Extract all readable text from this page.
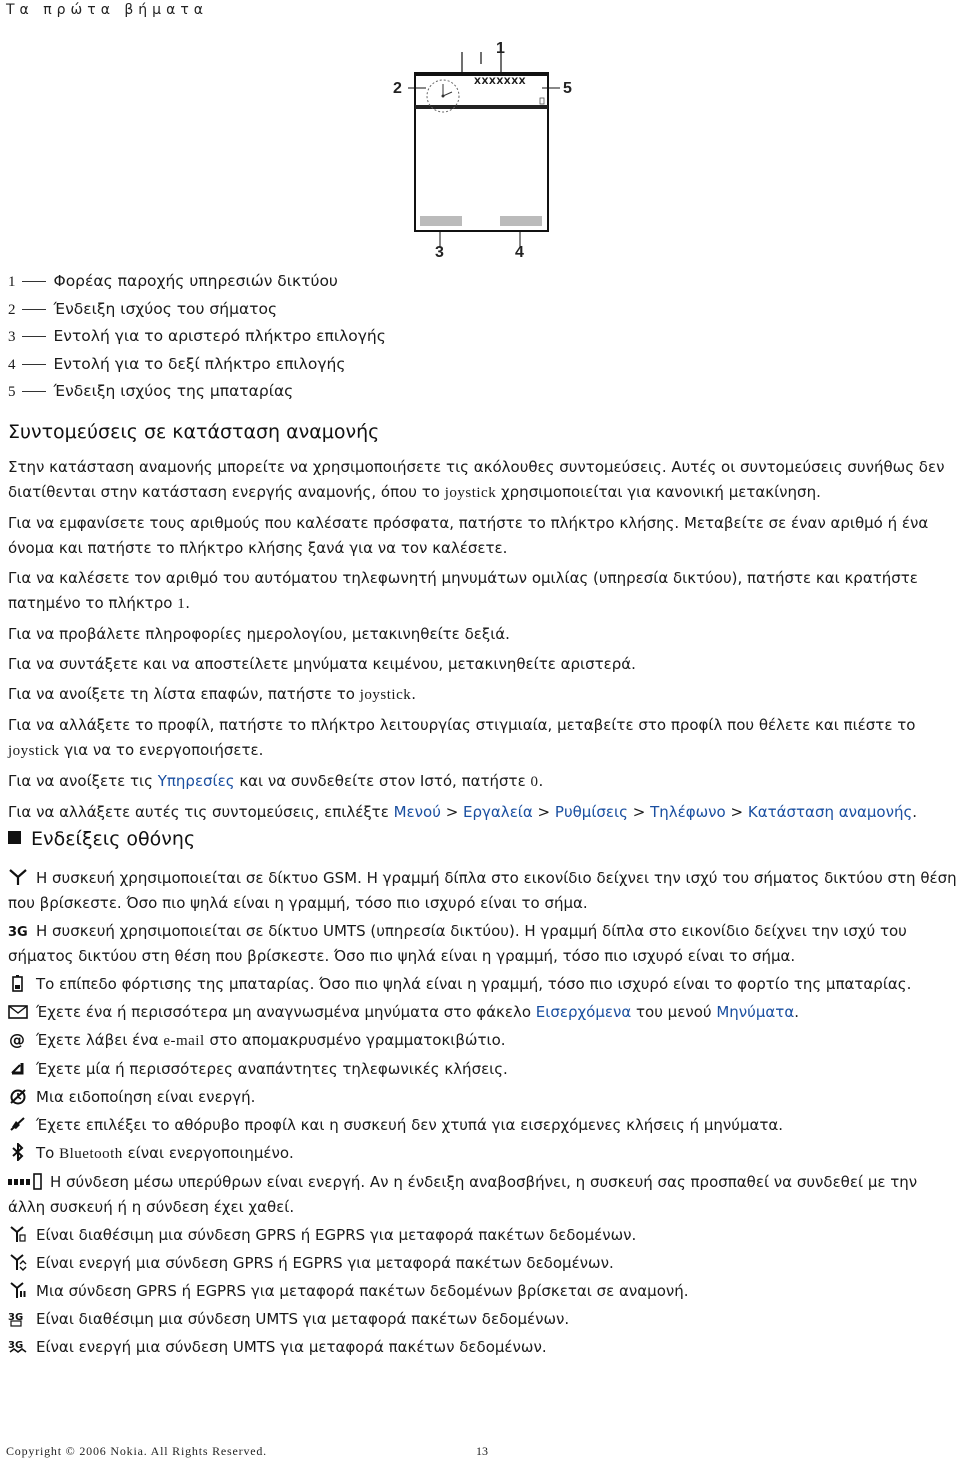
Τα πρώτα βήματα
XXXXXXX
1
2
3	4
5
1 Φορέας παροχής υπηρεσιών δικτύου
2 Ένδειξη ισχύος του σήματος
3 Εντολή για το αριστερό πλήκτρο επιλογής
4 Εντολή για το δεξί πλήκτρο επιλογής
5 Ένδειξη ισχύος της μπαταρίας
Συντομεύσεις σε κατάσταση αναμονής

Στην κατάσταση αναμονής μπορείτε να χρησιμοποιήσετε τις ακόλουθες συντομεύσεις. Αυτές οι συντομεύσεις συνήθως δεν διατίθενται στην κατάσταση ενεργής αναμονής, όπου το joystick χρησιμοποιείται για κανονική μετακίνηση.

Για να εμφανίσετε τους αριθμούς που καλέσατε πρόσφατα, πατήστε το πλήκτρο κλήσης. Μεταβείτε σε έναν αριθμό ή ένα όνομα και πατήστε το πλήκτρο κλήσης ξανά για να τον καλέσετε.

Για να καλέσετε τον αριθμό του αυτόματου τηλεφωνητή μηνυμάτων ομιλίας (υπηρεσία δικτύου), πατήστε και κρατήστε πατημένο το πλήκτρο 1.

Για να προβάλετε πληροφορίες ημερολογίου, μετακινηθείτε δεξιά.

Για να συντάξετε και να αποστείλετε μηνύματα κειμένου, μετακινηθείτε αριστερά.

Για να ανοίξετε τη λίστα επαφών, πατήστε το joystick.

Για να αλλάξετε το προφίλ, πατήστε το πλήκτρο λειτουργίας στιγμιαία, μεταβείτε στο προφίλ που θέλετε και πιέστε το joystick για να το ενεργοποιήσετε.

Για να ανοίξετε τις Υπηρεσίες και να συνδεθείτε στον Ιστό, πατήστε 0.

Για να αλλάξετε αυτές τις συντομεύσεις, επιλέξτε Μενού > Εργαλεία > Ρυθμίσεις > Τηλέφωνο > Κατάσταση αναμονής.

Ενδείξεις οθόνης
Η συσκευή χρησιμοποιείται σε δίκτυο GSM. Η γραμμή δίπλα στο εικονίδιο δείχνει την ισχύ του σήματος δικτύου στη θέση που βρίσκεστε. Όσο πιο ψηλά είναι η γραμμή, τόσο πιο ισχυρό είναι το σήμα.
3G Η συσκευή χρησιμοποιείται σε δίκτυο UMTS (υπηρεσία δικτύου). Η γραμμή δίπλα στο εικονίδιο δείχνει την ισχύ του σήματος δικτύου στη θέση που βρίσκεστε. Όσο πιο ψηλά είναι η γραμμή, τόσο πιο ισχυρό είναι το σήμα.
Το επίπεδο φόρτισης της μπαταρίας. Όσο πιο ψηλά είναι η γραμμή, τόσο πιο ισχυρό είναι το φορτίο της μπαταρίας.
Έχετε ένα ή περισσότερα μη αναγνωσμένα μηνύματα στο φάκελο Εισερχόμενα του μενού Μηνύματα.
@ Έχετε λάβει ένα e-mail στο απομακρυσμένο γραμματοκιβώτιο.
Έχετε μία ή περισσότερες αναπάντητες τηλεφωνικές κλήσεις.
Μια ειδοποίηση είναι ενεργή.
Έχετε επιλέξει το αθόρυβο προφίλ και η συσκευή δεν χτυπά για εισερχόμενες κλήσεις ή μηνύματα.
Το Bluetooth είναι ενεργοποιημένο.
Η σύνδεση μέσω υπερύθρων είναι ενεργή. Αν η ένδειξη αναβοσβήνει, η συσκευή σας προσπαθεί να συνδεθεί με την άλλη συσκευή ή η σύνδεση έχει χαθεί.
Είναι διαθέσιμη μια σύνδεση GPRS ή EGPRS για μεταφορά πακέτων δεδομένων.
Είναι ενεργή μια σύνδεση GPRS ή EGPRS για μεταφορά πακέτων δεδομένων.
Μια σύνδεση GPRS ή EGPRS για μεταφορά πακέτων δεδομένων βρίσκεται σε αναμονή.
3G Είναι διαθέσιμη μια σύνδεση UMTS για μεταφορά πακέτων δεδομένων.
3G Είναι ενεργή μια σύνδεση UMTS για μεταφορά πακέτων δεδομένων.
Copyright © 2006 Nokia. All Rights Reserved.	13
